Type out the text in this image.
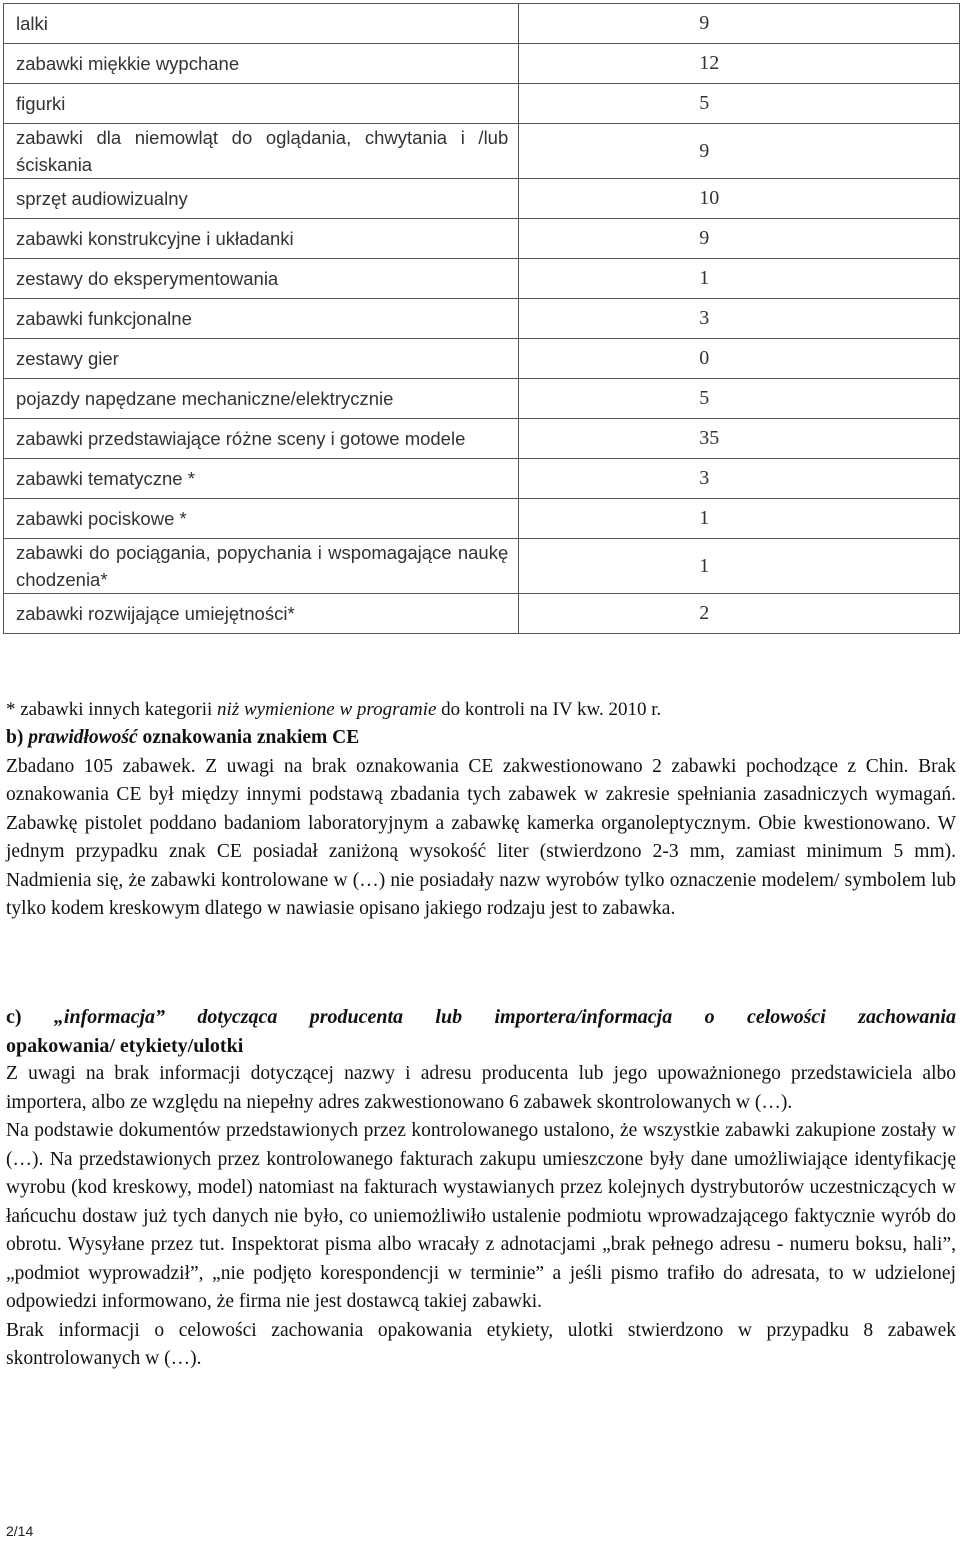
lalki	9
zabawki miękkie wypchane	12
figurki	5
zabawki dla niemowląt do oglądania, chwytania i /lub ściskania	9
sprzęt audiowizualny	10
zabawki konstrukcyjne i układanki	9
zestawy do eksperymentowania	1
zabawki funkcjonalne	3
zestawy gier	0
pojazdy napędzane mechaniczne/elektrycznie	5
zabawki przedstawiające różne sceny i gotowe modele	35
zabawki tematyczne *	3
zabawki pociskowe *	1
zabawki do pociągania, popychania i wspomagające naukę chodzenia*	1
zabawki rozwijające umiejętności*	2
* zabawki innych kategorii niż wymienione w programie do kontroli na IV kw. 2010 r.

b) prawidłowość oznakowania znakiem CE

Zbadano 105 zabawek. Z uwagi na brak oznakowania CE zakwestionowano 2 zabawki pochodzące z Chin. Brak oznakowania CE był między innymi podstawą zbadania tych zabawek w zakresie spełniania zasadniczych wymagań. Zabawkę pistolet poddano badaniom laboratoryjnym a zabawkę kamerka organoleptycznym. Obie kwestionowano. W jednym przypadku znak CE posiadał zaniżoną wysokość liter (stwierdzono 2-3 mm, zamiast minimum 5 mm). Nadmienia się, że zabawki kontrolowane w (…) nie posiadały nazw wyrobów tylko oznaczenie modelem/ symbolem lub tylko kodem kreskowym dlatego w nawiasie opisano jakiego rodzaju jest to zabawka.

c) „informacja” dotycząca producenta lub importera/informacja o celowości zachowania

opakowania/ etykiety/ulotki

Z uwagi na brak informacji dotyczącej nazwy i adresu producenta lub jego upoważnionego przedstawiciela albo importera, albo ze względu na niepełny adres zakwestionowano 6 zabawek skontrolowanych w (…).

Na podstawie dokumentów przedstawionych przez kontrolowanego ustalono, że wszystkie zabawki zakupione zostały w (…). Na przedstawionych przez kontrolowanego fakturach zakupu umieszczone były dane umożliwiające identyfikację wyrobu (kod kreskowy, model) natomiast na fakturach wystawianych przez kolejnych dystrybutorów uczestniczących w łańcuchu dostaw już tych danych nie było, co uniemożliwiło ustalenie podmiotu wprowadzającego faktycznie wyrób do obrotu. Wysyłane przez tut. Inspektorat pisma albo wracały z adnotacjami „brak pełnego adresu - numeru boksu, hali”, „podmiot wyprowadził”, „nie podjęto korespondencji w terminie” a jeśli pismo trafiło do adresata, to w udzielonej odpowiedzi informowano, że firma nie jest dostawcą takiej zabawki.

Brak informacji o celowości zachowania opakowania etykiety, ulotki stwierdzono w przypadku 8 zabawek skontrolowanych w (…).

2/14
